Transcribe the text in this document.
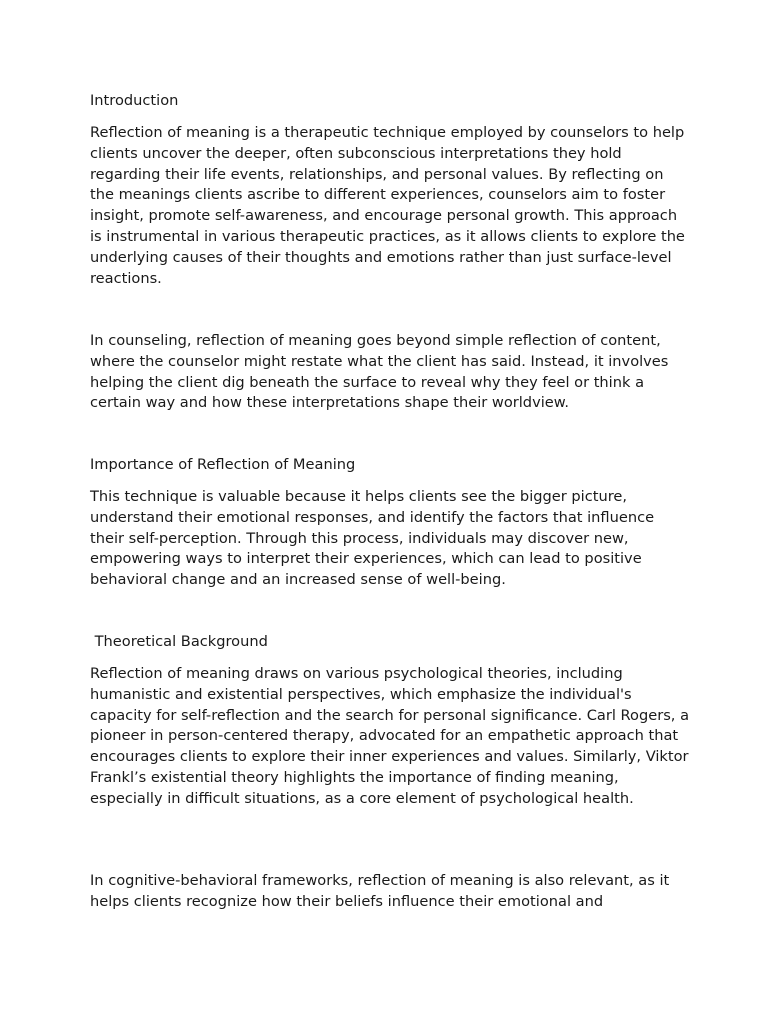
Introduction

Reflection of meaning is a therapeutic technique employed by counselors to help clients uncover the deeper, often subconscious interpretations they hold regarding their life events, relationships, and personal values. By reflecting on the meanings clients ascribe to different experiences, counselors aim to foster insight, promote self-awareness, and encourage personal growth. This approach is instrumental in various therapeutic practices, as it allows clients to explore the underlying causes of their thoughts and emotions rather than just surface-level reactions.

In counseling, reflection of meaning goes beyond simple reflection of content, where the counselor might restate what the client has said. Instead, it involves helping the client dig beneath the surface to reveal why they feel or think a certain way and how these interpretations shape their worldview.

Importance of Reflection of Meaning

This technique is valuable because it helps clients see the bigger picture, understand their emotional responses, and identify the factors that influence their self-perception. Through this process, individuals may discover new, empowering ways to interpret their experiences, which can lead to positive behavioral change and an increased sense of well-being.

Theoretical Background

Reflection of meaning draws on various psychological theories, including humanistic and existential perspectives, which emphasize the individual's capacity for self-reflection and the search for personal significance. Carl Rogers, a pioneer in person-centered therapy, advocated for an empathetic approach that encourages clients to explore their inner experiences and values. Similarly, Viktor Frankl’s existential theory highlights the importance of finding meaning, especially in difficult situations, as a core element of psychological health.

In cognitive-behavioral frameworks, reflection of meaning is also relevant, as it helps clients recognize how their beliefs influence their emotional and
